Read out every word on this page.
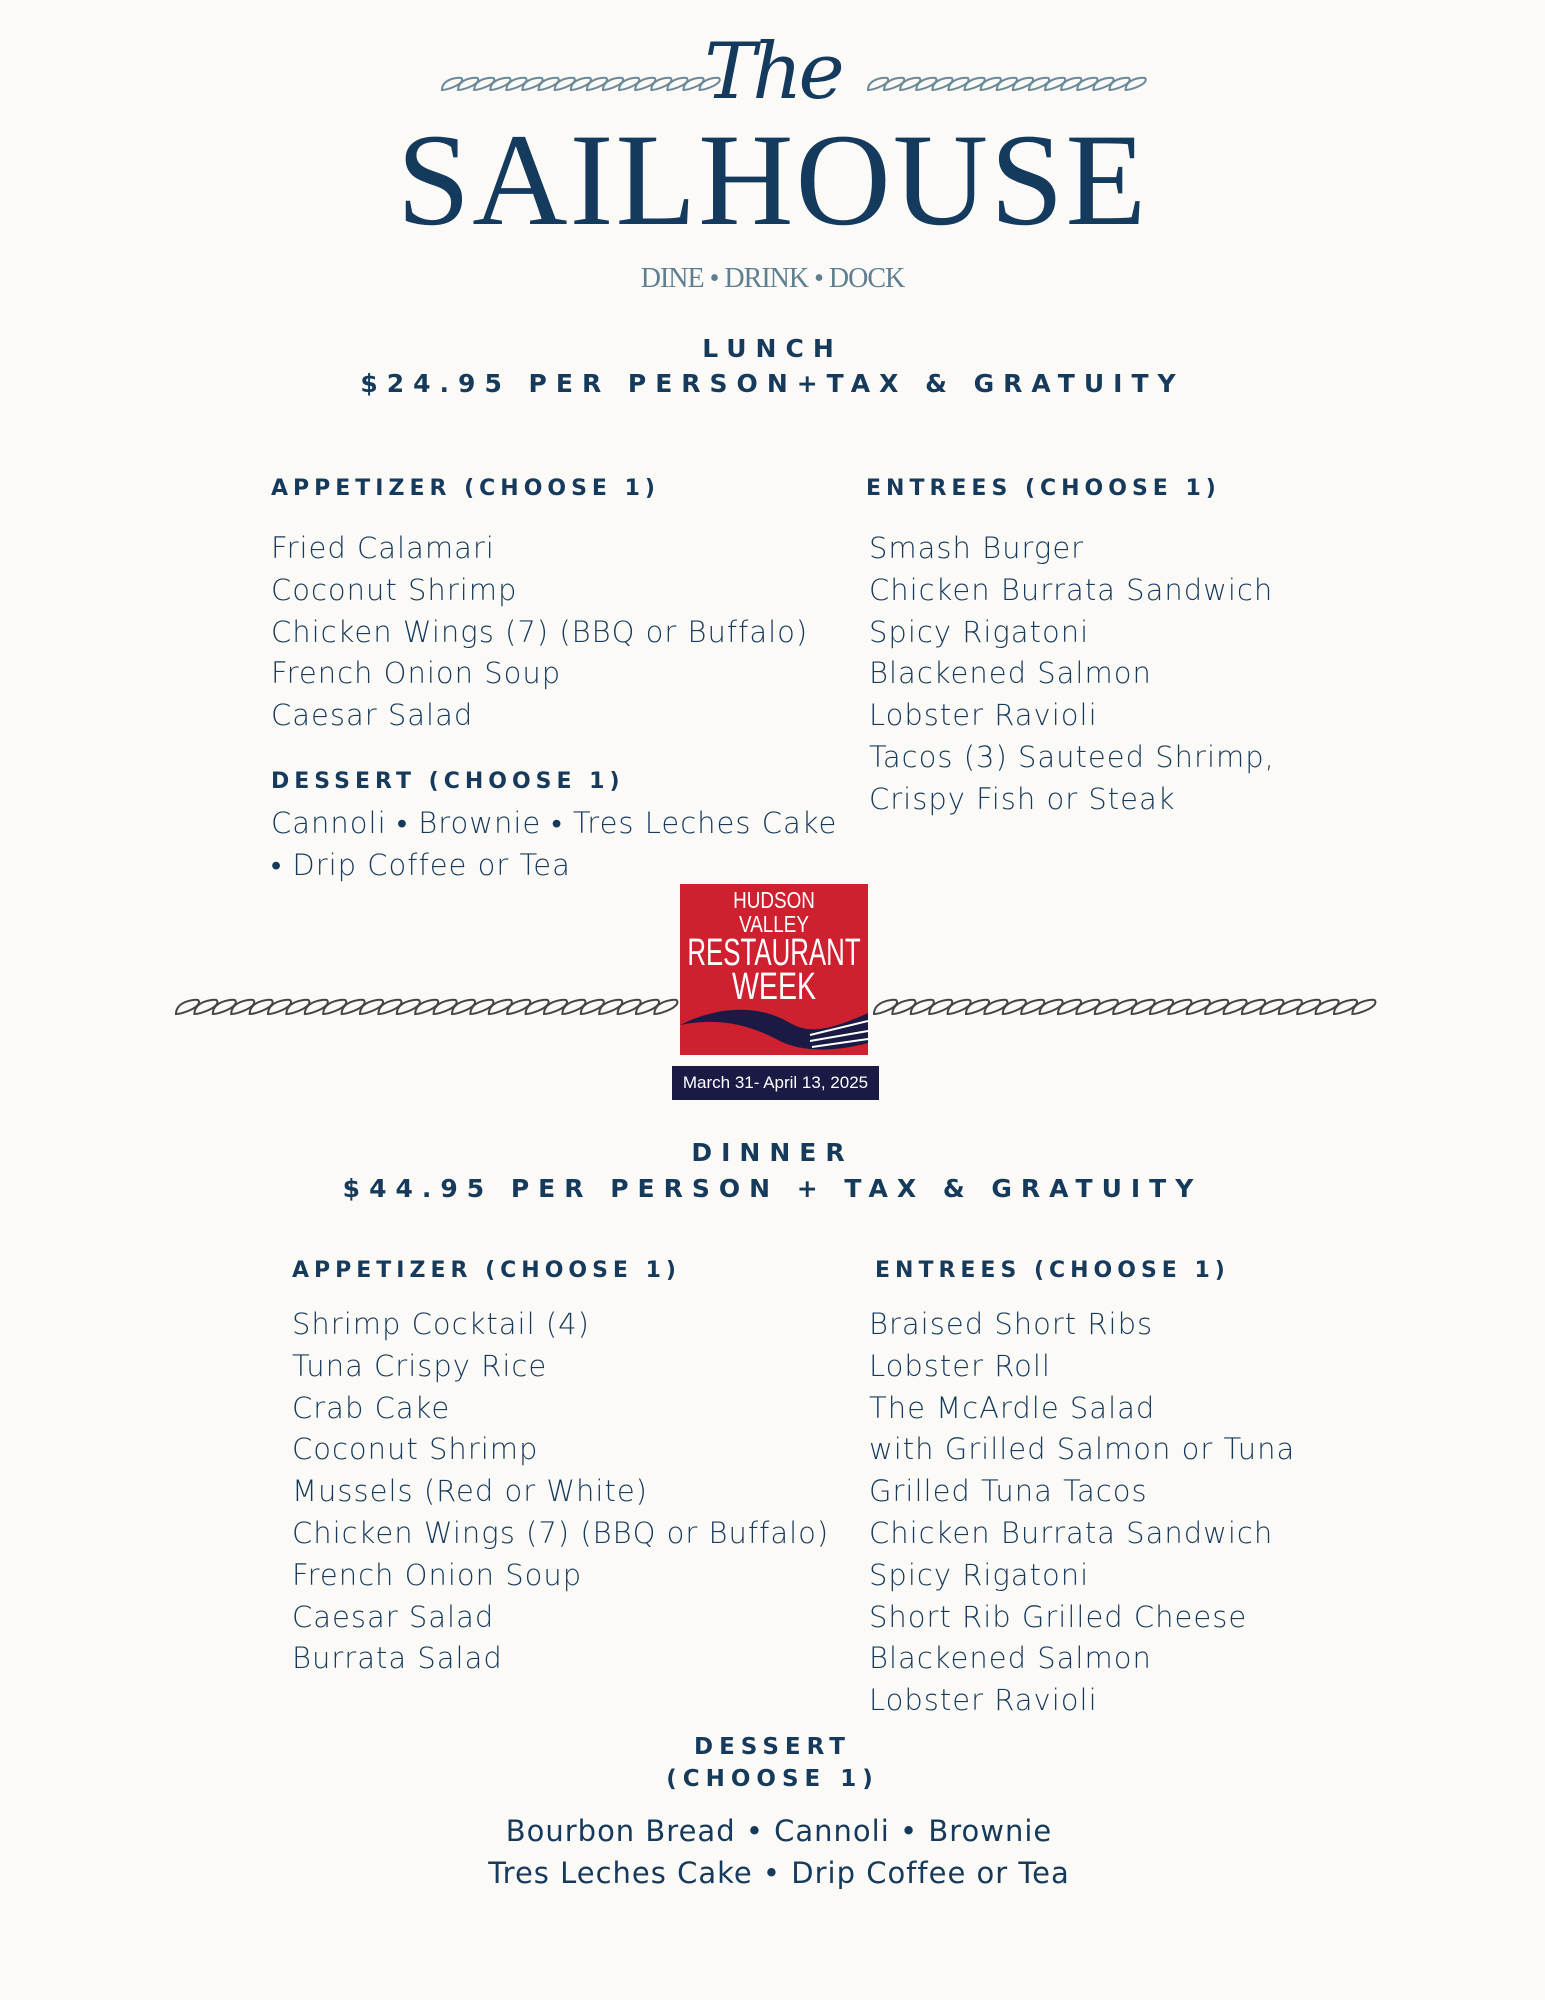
The
SAILHOUSE
DINE • DRINK • DOCK
LUNCH
$24.95 PER PERSON+TAX & GRATUITY
APPETIZER (CHOOSE 1)
Fried Calamari
Coconut Shrimp
Chicken Wings (7) (BBQ or Buffalo)
French Onion Soup
Caesar Salad
DESSERT (CHOOSE 1)
Cannoli • Brownie • Tres Leches Cake
• Drip Coffee or Tea
ENTREES (CHOOSE 1)
Smash Burger
Chicken Burrata Sandwich
Spicy Rigatoni
Blackened Salmon
Lobster Ravioli
Tacos (3) Sauteed Shrimp,
Crispy Fish or Steak
HUDSON VALLEY
RESTAURANT
WEEK
March 31- April 13, 2025
DINNER
$44.95 PER PERSON + TAX & GRATUITY
APPETIZER (CHOOSE 1)
Shrimp Cocktail (4)
Tuna Crispy Rice
Crab Cake
Coconut Shrimp
Mussels (Red or White)
Chicken Wings (7) (BBQ or Buffalo)
French Onion Soup
Caesar Salad
Burrata Salad
ENTREES (CHOOSE 1)
Braised Short Ribs
Lobster Roll
The McArdle Salad
with Grilled Salmon or Tuna
Grilled Tuna Tacos
Chicken Burrata Sandwich
Spicy Rigatoni
Short Rib Grilled Cheese
Blackened Salmon
Lobster Ravioli
DESSERT
(CHOOSE 1)
Bourbon Bread • Cannoli • Brownie
Tres Leches Cake • Drip Coffee or Tea
